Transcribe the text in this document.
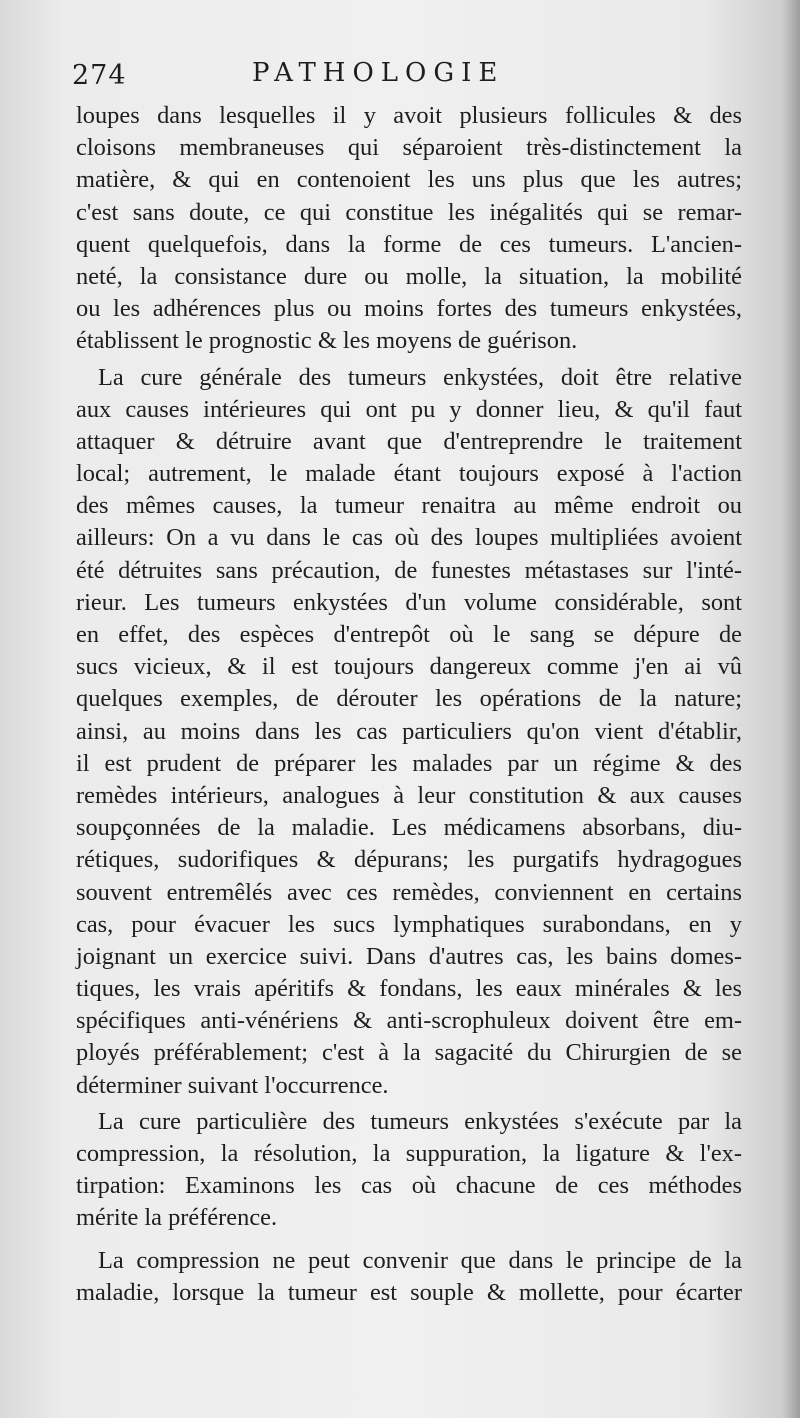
274	PATHOLOGIE
loupes dans lesquelles il y avoit plusieurs follicules & des
cloisons membraneuses qui séparoient très-distinctement la
matière, & qui en contenoient les uns plus que les autres;
c'est sans doute, ce qui constitue les inégalités qui se remar-
quent quelquefois, dans la forme de ces tumeurs. L'ancien-
neté, la consistance dure ou molle, la situation, la mobilité
ou les adhérences plus ou moins fortes des tumeurs enkystées,
établissent le prognostic & les moyens de guérison.
La cure générale des tumeurs enkystées, doit être relative
aux causes intérieures qui ont pu y donner lieu, & qu'il faut
attaquer & détruire avant que d'entreprendre le traitement
local; autrement, le malade étant toujours exposé à l'action
des mêmes causes, la tumeur renaitra au même endroit ou
ailleurs: On a vu dans le cas où des loupes multipliées avoient
été détruites sans précaution, de funestes métastases sur l'inté-
rieur. Les tumeurs enkystées d'un volume considérable, sont
en effet, des espèces d'entrepôt où le sang se dépure de
sucs vicieux, & il est toujours dangereux comme j'en ai vû
quelques exemples, de dérouter les opérations de la nature;
ainsi, au moins dans les cas particuliers qu'on vient d'établir,
il est prudent de préparer les malades par un régime & des
remèdes intérieurs, analogues à leur constitution & aux causes
soupçonnées de la maladie. Les médicamens absorbans, diu-
rétiques, sudorifiques & dépurans; les purgatifs hydragogues
souvent entremêlés avec ces remèdes, conviennent en certains
cas, pour évacuer les sucs lymphatiques surabondans, en y
joignant un exercice suivi. Dans d'autres cas, les bains domes-
tiques, les vrais apéritifs & fondans, les eaux minérales & les
spécifiques anti-vénériens & anti-scrophuleux doivent être em-
ployés préférablement; c'est à la sagacité du Chirurgien de se
déterminer suivant l'occurrence.
La cure particulière des tumeurs enkystées s'exécute par la
compression, la résolution, la suppuration, la ligature & l'ex-
tirpation: Examinons les cas où chacune de ces méthodes
mérite la préférence.
La compression ne peut convenir que dans le principe de la
maladie, lorsque la tumeur est souple & mollette, pour écarter
